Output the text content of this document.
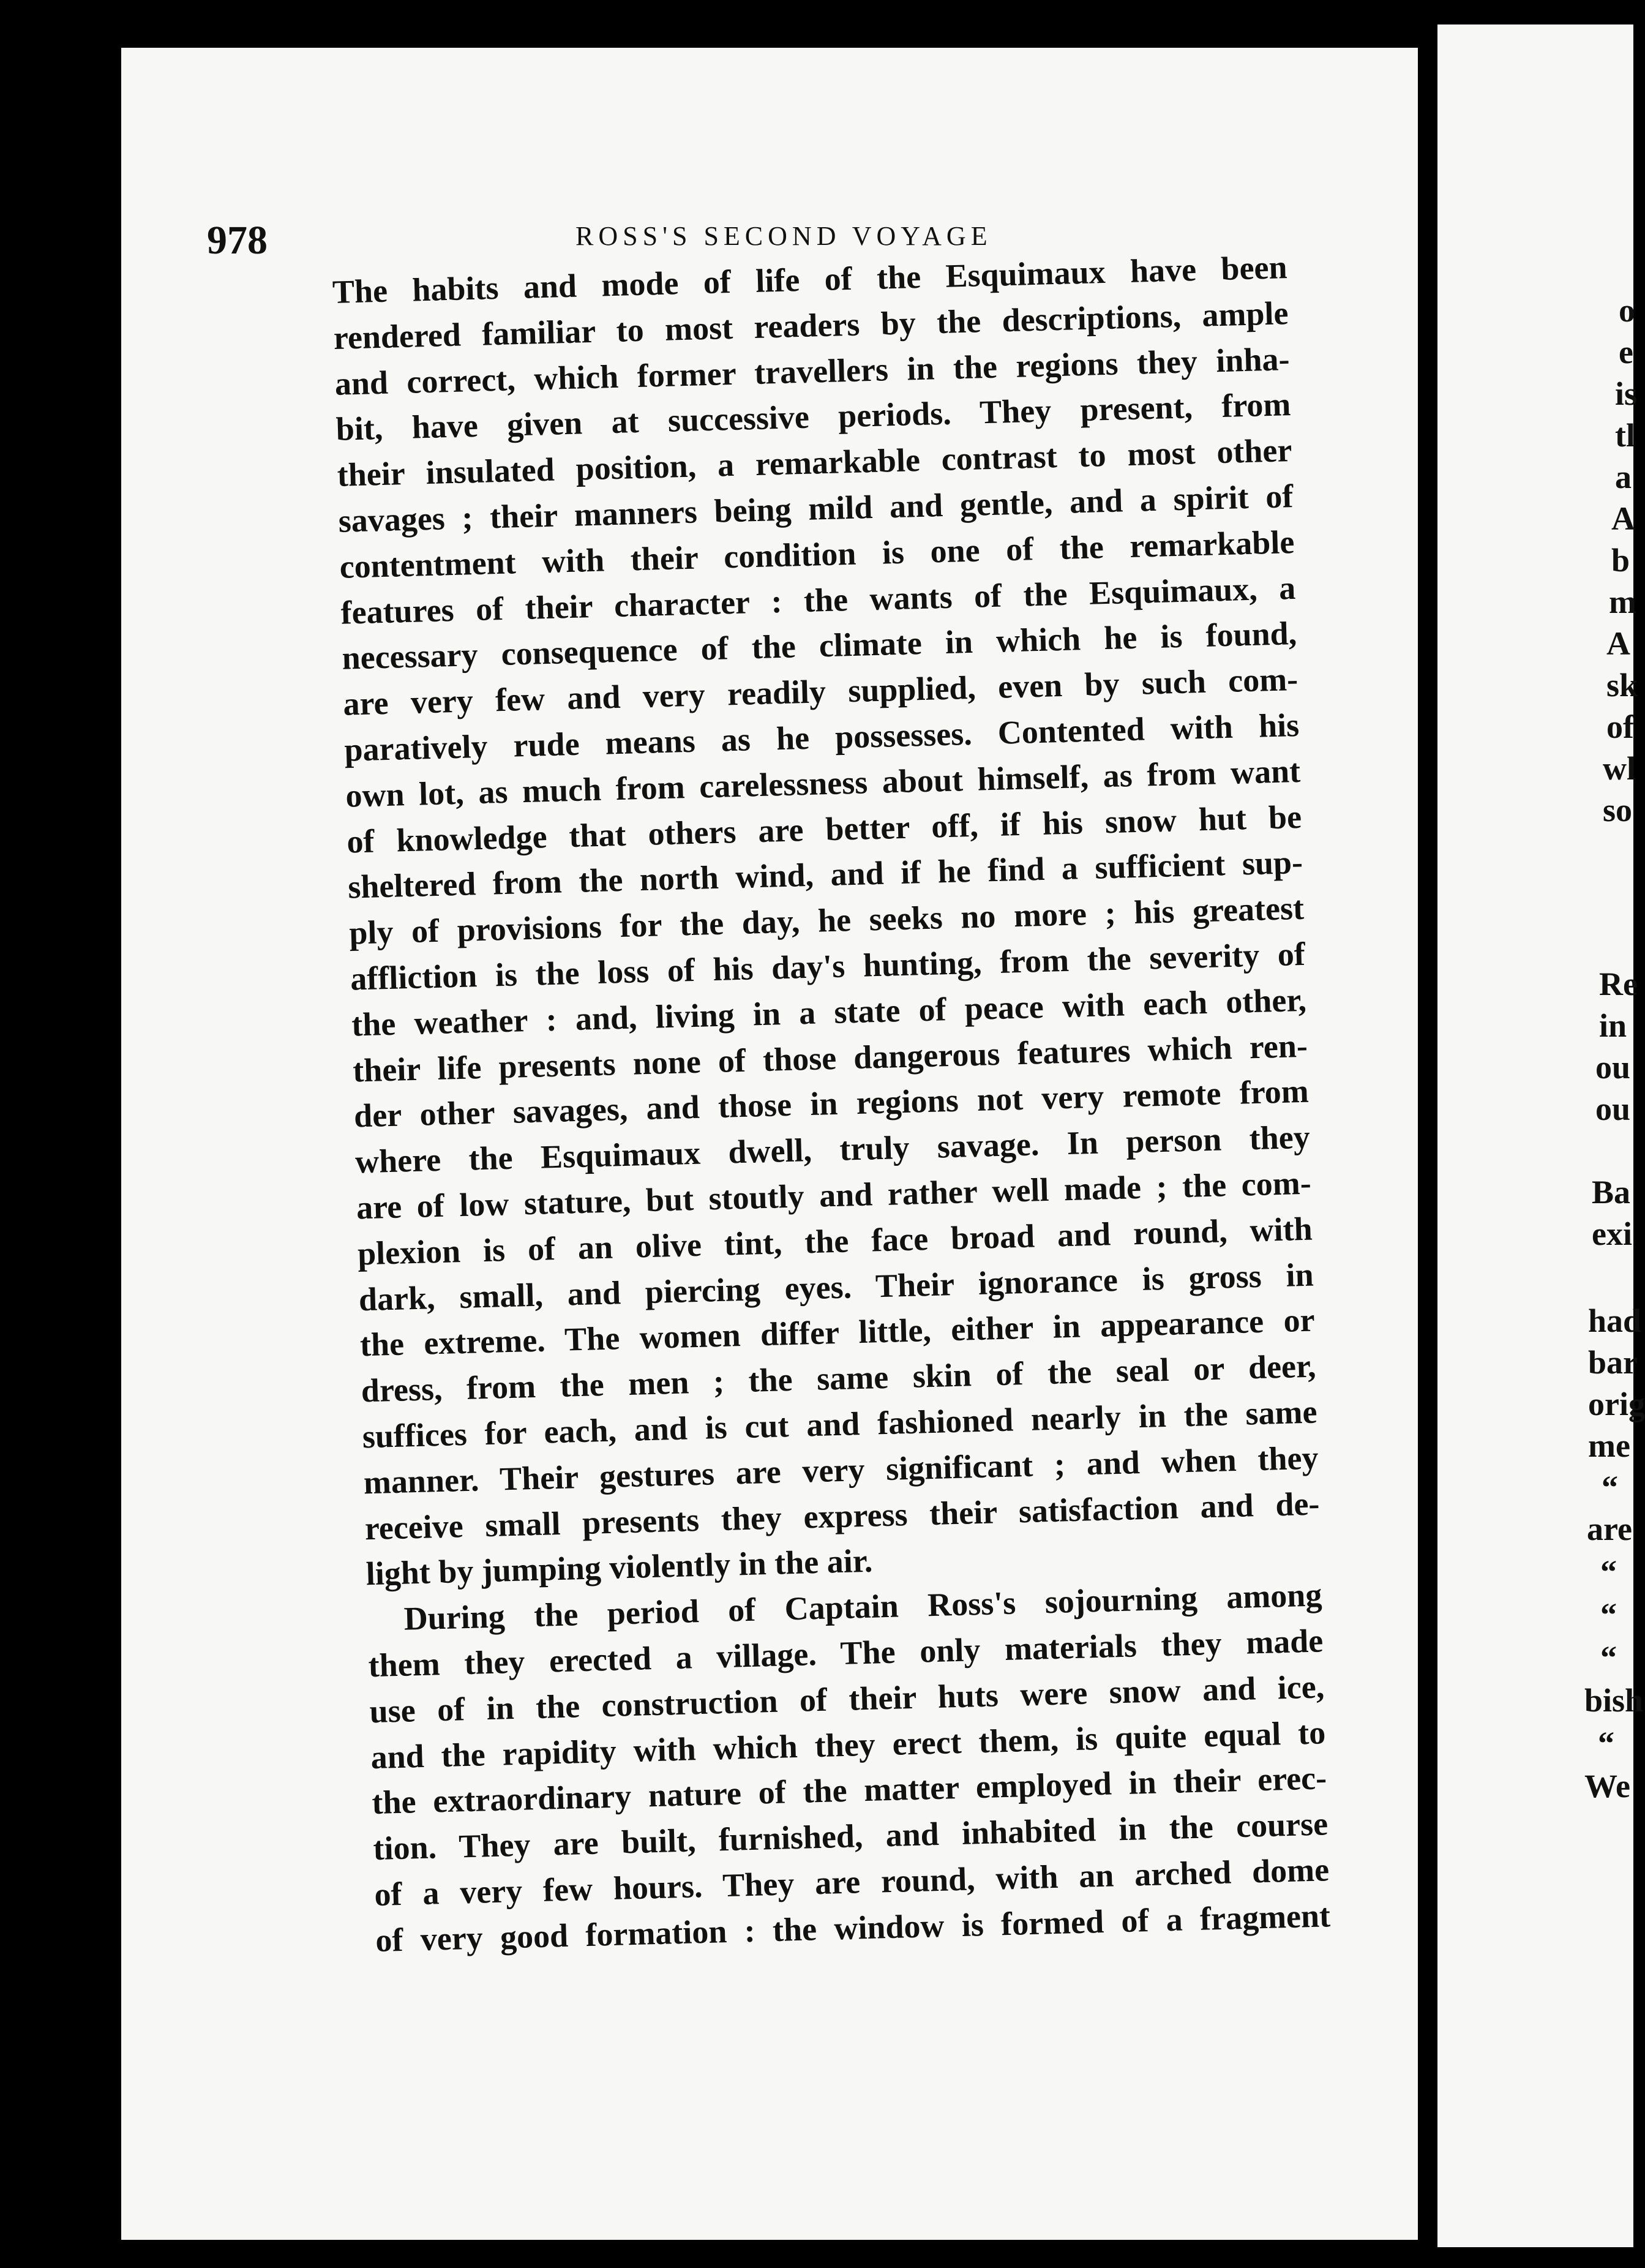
978	ROSS'S SECOND VOYAGE
The habits and mode of life of the Esquimaux have been
rendered familiar to most readers by the descriptions, ample
and correct, which former travellers in the regions they inha-
bit, have given at successive periods. They present, from
their insulated position, a remarkable contrast to most other
savages ; their manners being mild and gentle, and a spirit of
contentment with their condition is one of the remarkable
features of their character : the wants of the Esquimaux, a
necessary consequence of the climate in which he is found,
are very few and very readily supplied, even by such com-
paratively rude means as he possesses. Contented with his
own lot, as much from carelessness about himself, as from want
of knowledge that others are better off, if his snow hut be
sheltered from the north wind, and if he find a sufficient sup-
ply of provisions for the day, he seeks no more ; his greatest
affliction is the loss of his day's hunting, from the severity of
the weather : and, living in a state of peace with each other,
their life presents none of those dangerous features which ren-
der other savages, and those in regions not very remote from
where the Esquimaux dwell, truly savage. In person they
are of low stature, but stoutly and rather well made ; the com-
plexion is of an olive tint, the face broad and round, with
dark, small, and piercing eyes. Their ignorance is gross in
the extreme. The women differ little, either in appearance or
dress, from the men ; the same skin of the seal or deer,
suffices for each, and is cut and fashioned nearly in the same
manner. Their gestures are very significant ; and when they
receive small presents they express their satisfaction and de-
light by jumping violently in the air.
During the period of Captain Ross's sojourning among
them they erected a village. The only materials they made
use of in the construction of their huts were snow and ice,
and the rapidity with which they erect them, is quite equal to
the extraordinary nature of the matter employed in their erec-
tion. They are built, furnished, and inhabited in the course
of a very few hours. They are round, with an arched dome
of very good formation : the window is formed of a fragment
o
e
is
tl
a
A
b
m
A
sk
of
wl
so
Re
in
ou
ou
Ba
exi
had
bar
orig
me
“
are
“
“
“
bish
“
We
